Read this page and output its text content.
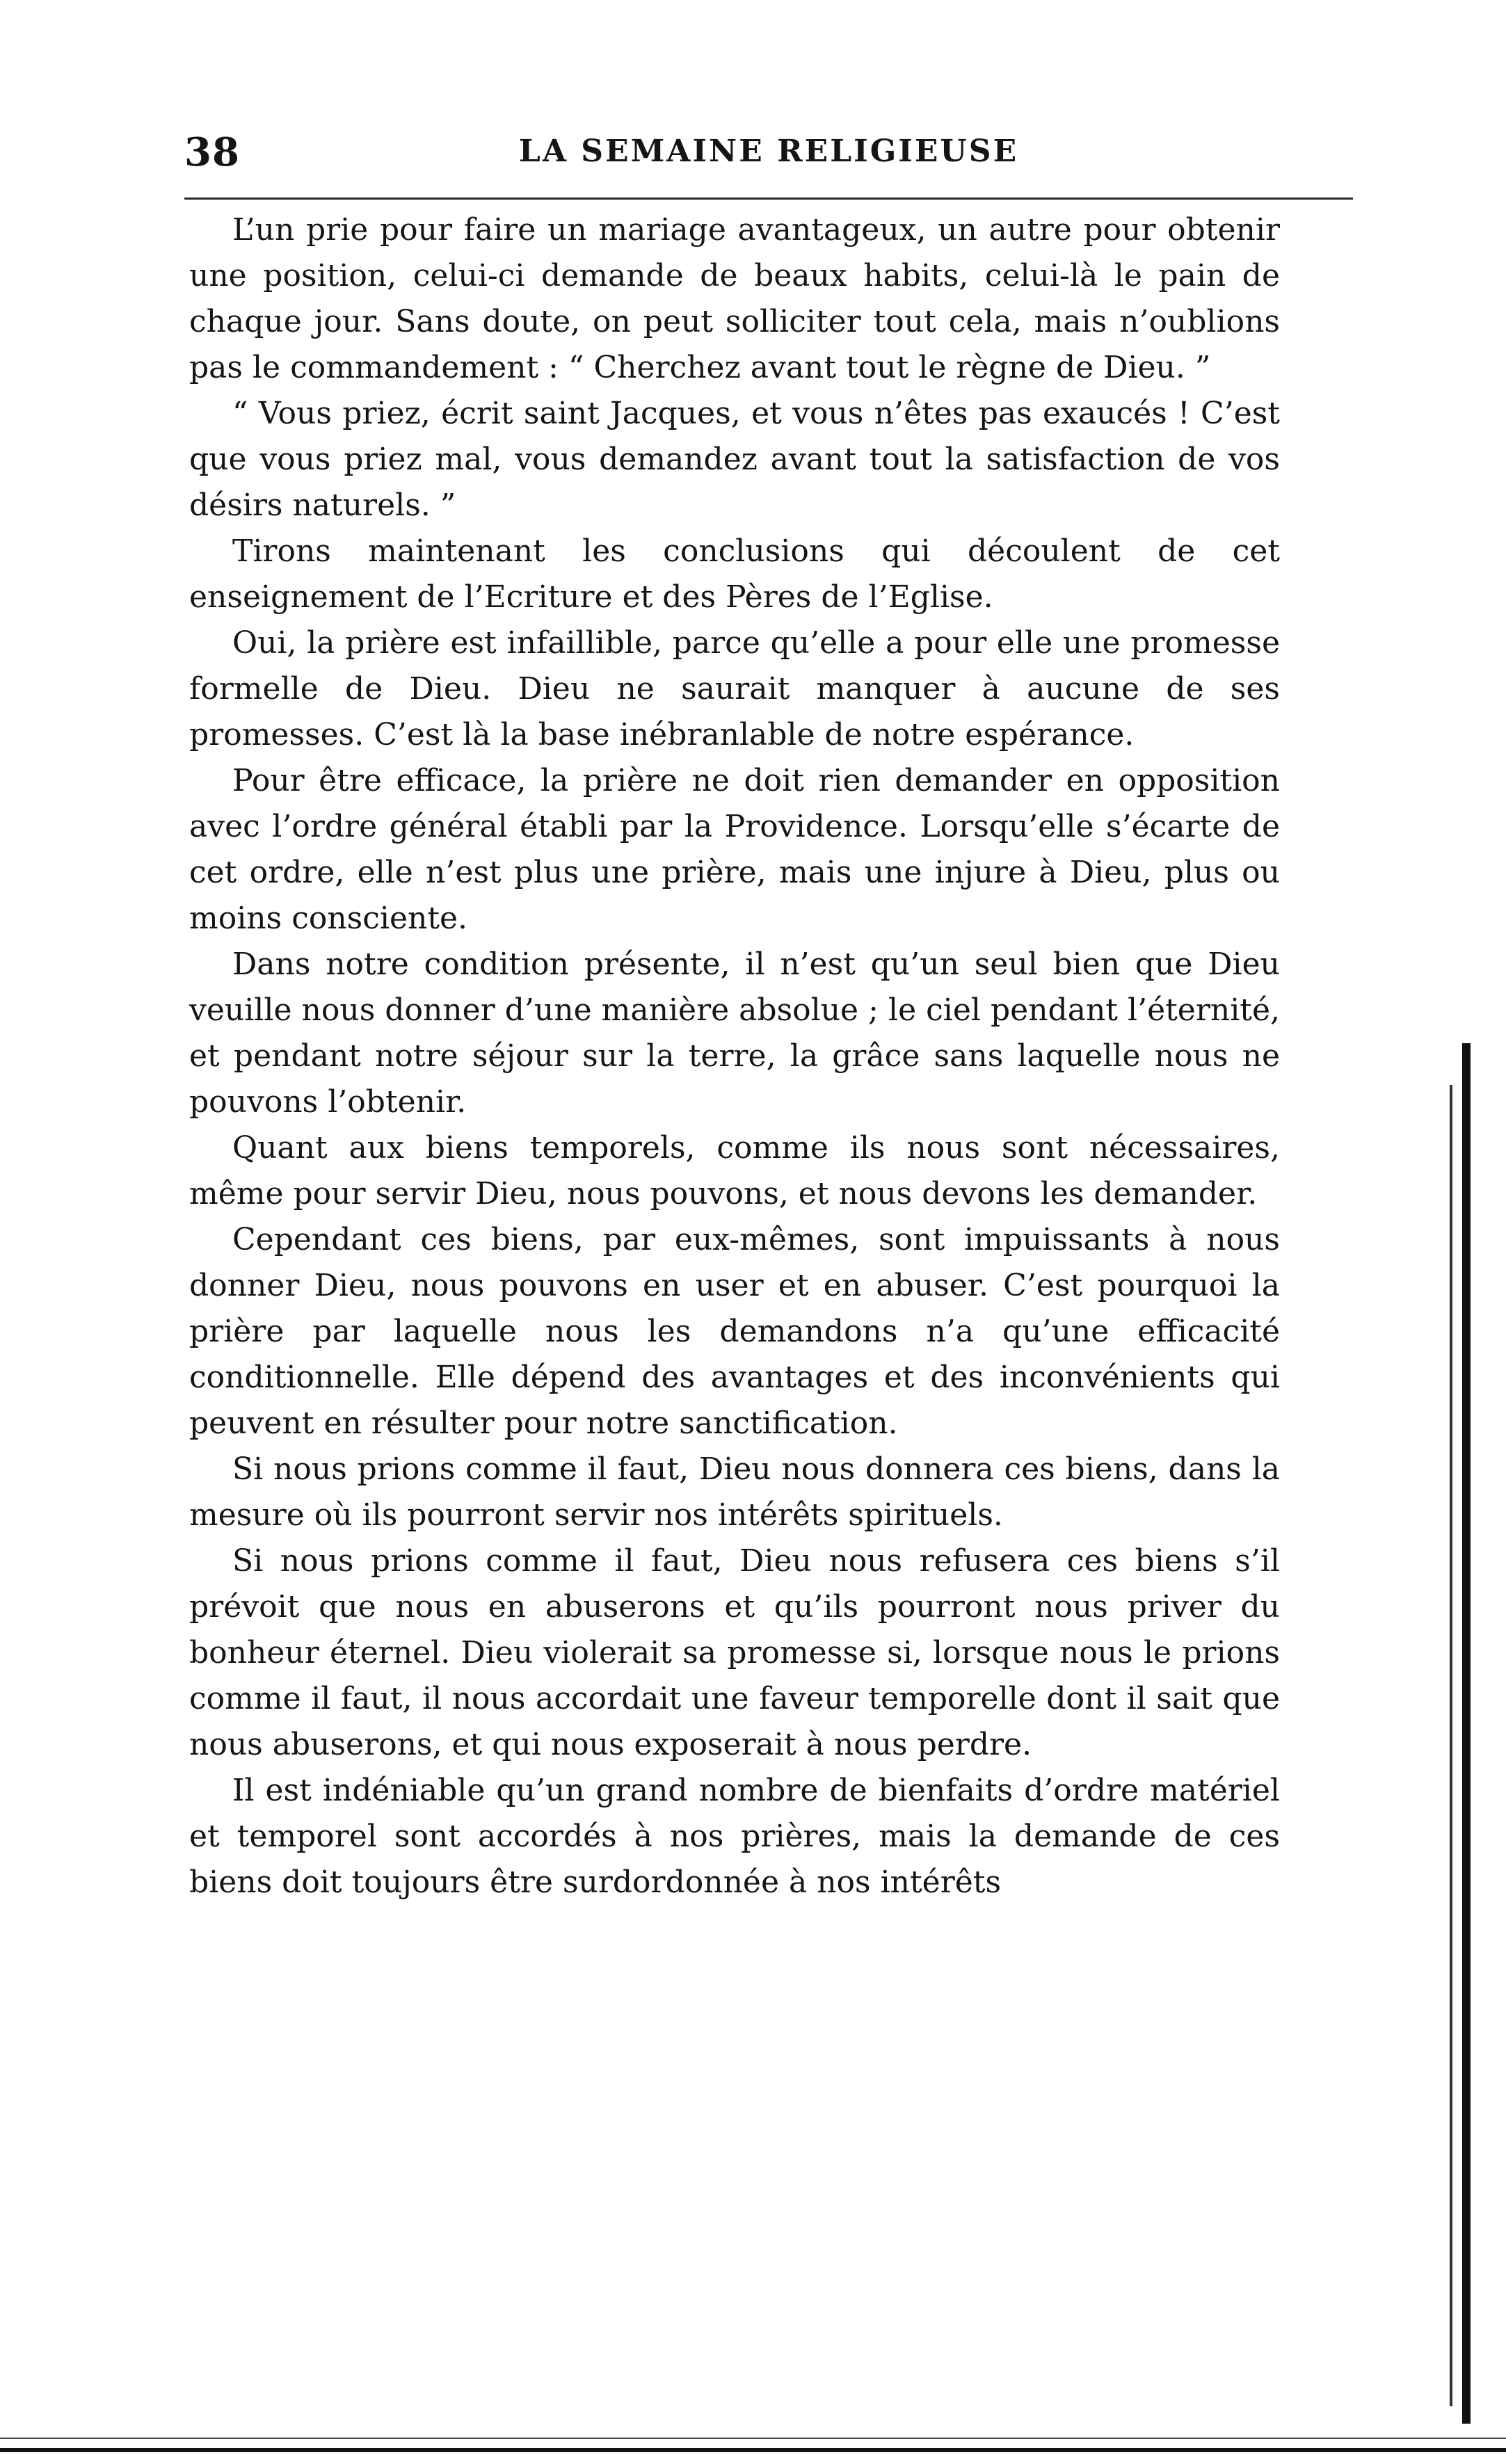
38	LA SEMAINE RELIGIEUSE

L’un prie pour faire un mariage avantageux, un autre pour obtenir une position, celui-ci demande de beaux habits, celui-là le pain de chaque jour. Sans doute, on peut solliciter tout cela, mais n’oublions pas le commandement : “ Cherchez avant tout le règne de Dieu. ”

“ Vous priez, écrit saint Jacques, et vous n’êtes pas exaucés ! C’est que vous priez mal, vous demandez avant tout la satisfaction de vos désirs naturels. ”

Tirons maintenant les conclusions qui découlent de cet enseignement de l’Ecriture et des Pères de l’Eglise.

Oui, la prière est infaillible, parce qu’elle a pour elle une promesse formelle de Dieu. Dieu ne saurait manquer à aucune de ses promesses. C’est là la base inébranlable de notre espérance.

Pour être efficace, la prière ne doit rien demander en opposition avec l’ordre général établi par la Providence. Lorsqu’elle s’écarte de cet ordre, elle n’est plus une prière, mais une injure à Dieu, plus ou moins consciente.

Dans notre condition présente, il n’est qu’un seul bien que Dieu veuille nous donner d’une manière absolue ; le ciel pendant l’éternité, et pendant notre séjour sur la terre, la grâce sans laquelle nous ne pouvons l’obtenir.

Quant aux biens temporels, comme ils nous sont nécessaires, même pour servir Dieu, nous pouvons, et nous devons les demander.

Cependant ces biens, par eux-mêmes, sont impuissants à nous donner Dieu, nous pouvons en user et en abuser. C’est pourquoi la prière par laquelle nous les demandons n’a qu’une efficacité conditionnelle. Elle dépend des avantages et des inconvénients qui peuvent en résulter pour notre sanctification.

Si nous prions comme il faut, Dieu nous donnera ces biens, dans la mesure où ils pourront servir nos intérêts spirituels.

Si nous prions comme il faut, Dieu nous refusera ces biens s’il prévoit que nous en abuserons et qu’ils pourront nous priver du bonheur éternel. Dieu violerait sa promesse si, lorsque nous le prions comme il faut, il nous accordait une faveur temporelle dont il sait que nous abuserons, et qui nous exposerait à nous perdre.

Il est indéniable qu’un grand nombre de bienfaits d’ordre matériel et temporel sont accordés à nos prières, mais la demande de ces biens doit toujours être surdordonnée à nos intérêts
